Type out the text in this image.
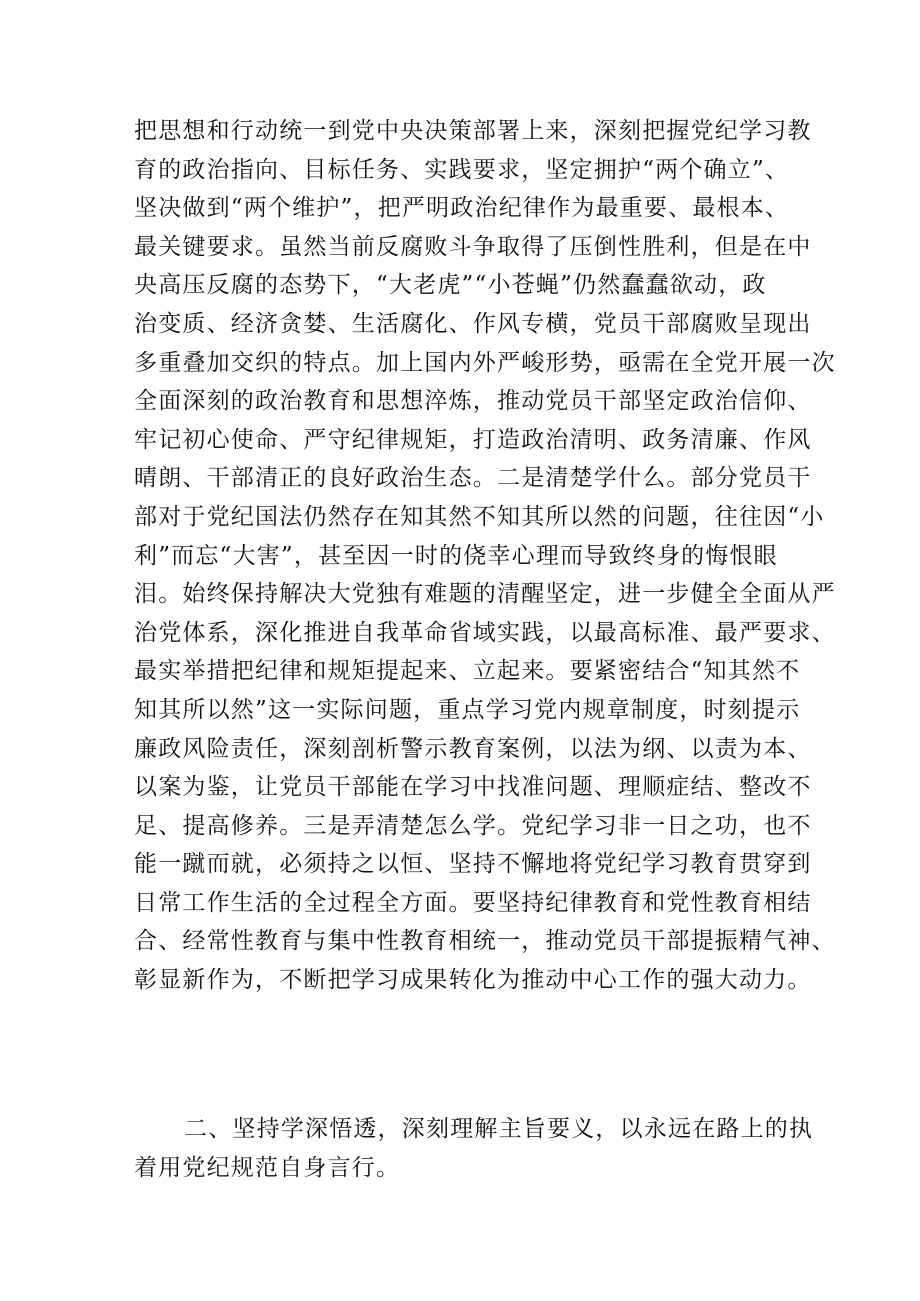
把思想和行动统一到党中央决策部署上来，深刻把握党纪学习教
育的政治指向、目标任务、实践要求，坚定拥护“两个确立”、
坚决做到“两个维护”，把严明政治纪律作为最重要、最根本、
最关键要求。虽然当前反腐败斗争取得了压倒性胜利，但是在中
央高压反腐的态势下，“大老虎”“小苍蝇”仍然蠢蠢欲动，政
治变质、经济贪婪、生活腐化、作风专横，党员干部腐败呈现出
多重叠加交织的特点。加上国内外严峻形势，亟需在全党开展一次
全面深刻的政治教育和思想淬炼，推动党员干部坚定政治信仰、
牢记初心使命、严守纪律规矩，打造政治清明、政务清廉、作风
晴朗、干部清正的良好政治生态。二是清楚学什么。部分党员干
部对于党纪国法仍然存在知其然不知其所以然的问题，往往因“小
利”而忘“大害”，甚至因一时的侥幸心理而导致终身的悔恨眼
泪。始终保持解决大党独有难题的清醒坚定，进一步健全全面从严
治党体系，深化推进自我革命省域实践，以最高标准、最严要求、
最实举措把纪律和规矩提起来、立起来。要紧密结合“知其然不
知其所以然”这一实际问题，重点学习党内规章制度，时刻提示
廉政风险责任，深刻剖析警示教育案例，以法为纲、以责为本、
以案为鉴，让党员干部能在学习中找准问题、理顺症结、整改不
足、提高修养。三是弄清楚怎么学。党纪学习非一日之功，也不
能一蹴而就，必须持之以恒、坚持不懈地将党纪学习教育贯穿到
日常工作生活的全过程全方面。要坚持纪律教育和党性教育相结
合、经常性教育与集中性教育相统一，推动党员干部提振精气神、
彰显新作为，不断把学习成果转化为推动中心工作的强大动力。
二、坚持学深悟透，深刻理解主旨要义，以永远在路上的执
着用党纪规范自身言行。
